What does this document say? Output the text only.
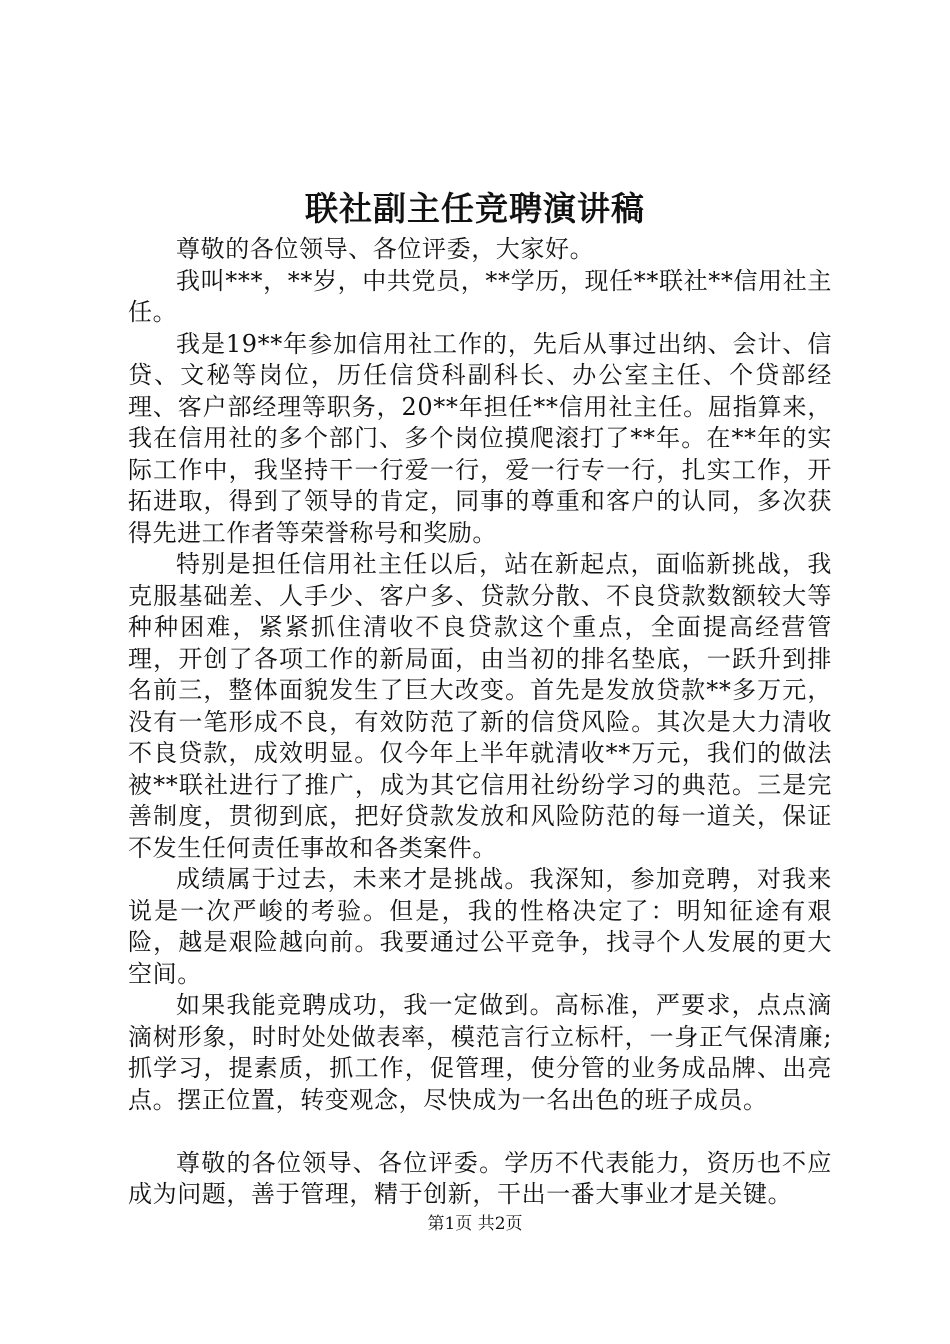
联社副主任竞聘演讲稿

尊敬的各位领导、各位评委，大家好。

我叫***，**岁，中共党员，**学历，现任**联社**信用社主任。

我是19**年参加信用社工作的，先后从事过出纳、会计、信贷、文秘等岗位，历任信贷科副科长、办公室主任、个贷部经理、客户部经理等职务，20**年担任**信用社主任。屈指算来，我在信用社的多个部门、多个岗位摸爬滚打了**年。在**年的实际工作中，我坚持干一行爱一行，爱一行专一行，扎实工作，开拓进取，得到了领导的肯定，同事的尊重和客户的认同，多次获得先进工作者等荣誉称号和奖励。

特别是担任信用社主任以后，站在新起点，面临新挑战，我克服基础差、人手少、客户多、贷款分散、不良贷款数额较大等种种困难，紧紧抓住清收不良贷款这个重点，全面提高经营管理，开创了各项工作的新局面，由当初的排名垫底，一跃升到排名前三，整体面貌发生了巨大改变。首先是发放贷款**多万元，没有一笔形成不良，有效防范了新的信贷风险。其次是大力清收不良贷款，成效明显。仅今年上半年就清收**万元，我们的做法被**联社进行了推广，成为其它信用社纷纷学习的典范。三是完善制度，贯彻到底，把好贷款发放和风险防范的每一道关，保证不发生任何责任事故和各类案件。

成绩属于过去，未来才是挑战。我深知，参加竞聘，对我来说是一次严峻的考验。但是，我的性格决定了：明知征途有艰险，越是艰险越向前。我要通过公平竞争，找寻个人发展的更大空间。

如果我能竞聘成功，我一定做到。高标准，严要求，点点滴滴树形象，时时处处做表率，模范言行立标杆，一身正气保清廉;抓学习，提素质，抓工作，促管理，使分管的业务成品牌、出亮点。摆正位置，转变观念，尽快成为一名出色的班子成员。

尊敬的各位领导、各位评委。学历不代表能力，资历也不应成为问题，善于管理，精于创新，干出一番大事业才是关键。

第1页 共2页
